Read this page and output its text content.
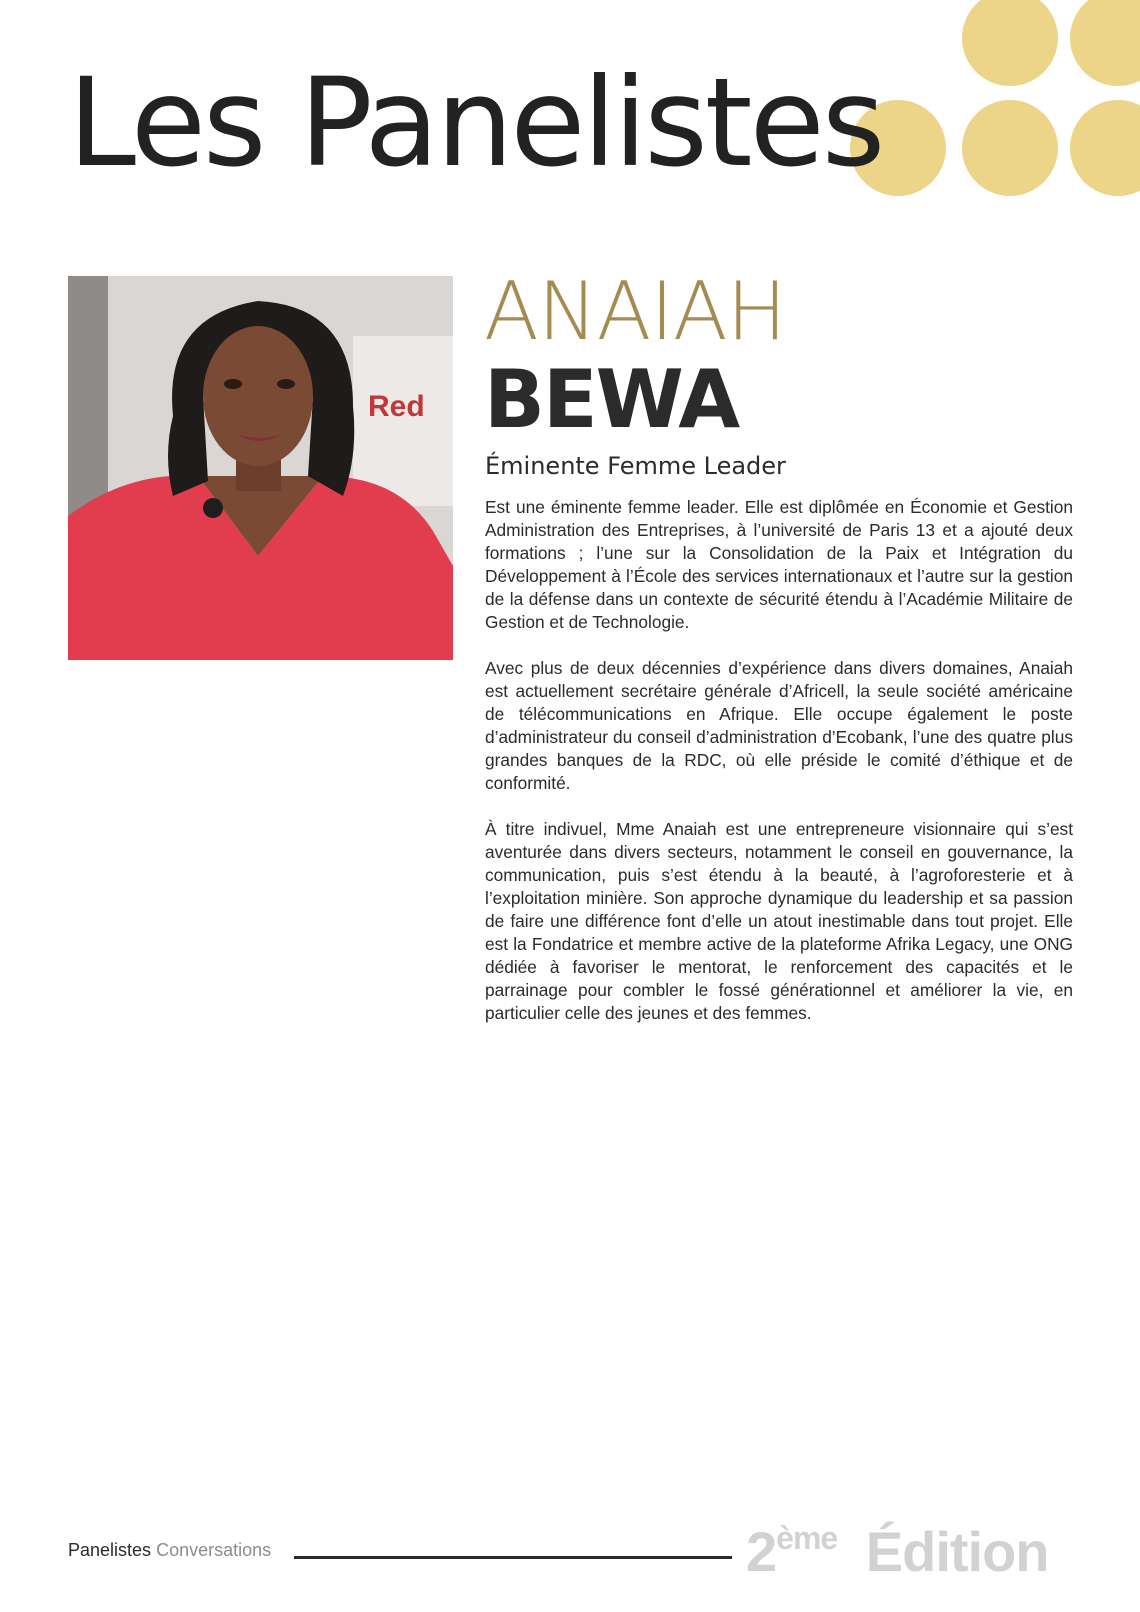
Les Panelistes
Red
ANAIAH
BEWA
Éminente Femme Leader

Est une éminente femme leader. Elle est diplômée en Économie et Gestion Administration des Entreprises, à l’université de Paris 13 et a ajouté deux formations ; l’une sur la Consolidation de la Paix et Intégration du Développement à l’École des services internationaux et l’autre sur la gestion de la défense dans un contexte de sécurité étendu à l’Académie Militaire de Gestion et de Technologie.

Avec plus de deux décennies d’expérience dans divers domaines, Anaiah est actuellement secrétaire générale d’Africell, la seule société américaine de télécommunications en Afrique. Elle occupe également le poste d’administrateur du conseil d’administration d’Ecobank, l’une des quatre plus grandes banques de la RDC, où elle préside le comité d’éthique et de conformité.

À titre indivuel, Mme Anaiah est une entrepreneure visionnaire qui s’est aventurée dans divers secteurs, notamment le conseil en gouvernance, la communication, puis s’est étendu à la beauté, à l’agroforesterie et à l’exploitation minière. Son approche dynamique du leadership et sa passion de faire une différence font d’elle un atout inestimable dans tout projet. Elle est la Fondatrice et membre active de la plateforme Afrika Legacy, une ONG dédiée à favoriser le mentorat, le renforcement des capacités et le parrainage pour combler le fossé générationnel et améliorer la vie, en particulier celle des jeunes et des femmes.

Panelistes Conversations	2ème Édition
